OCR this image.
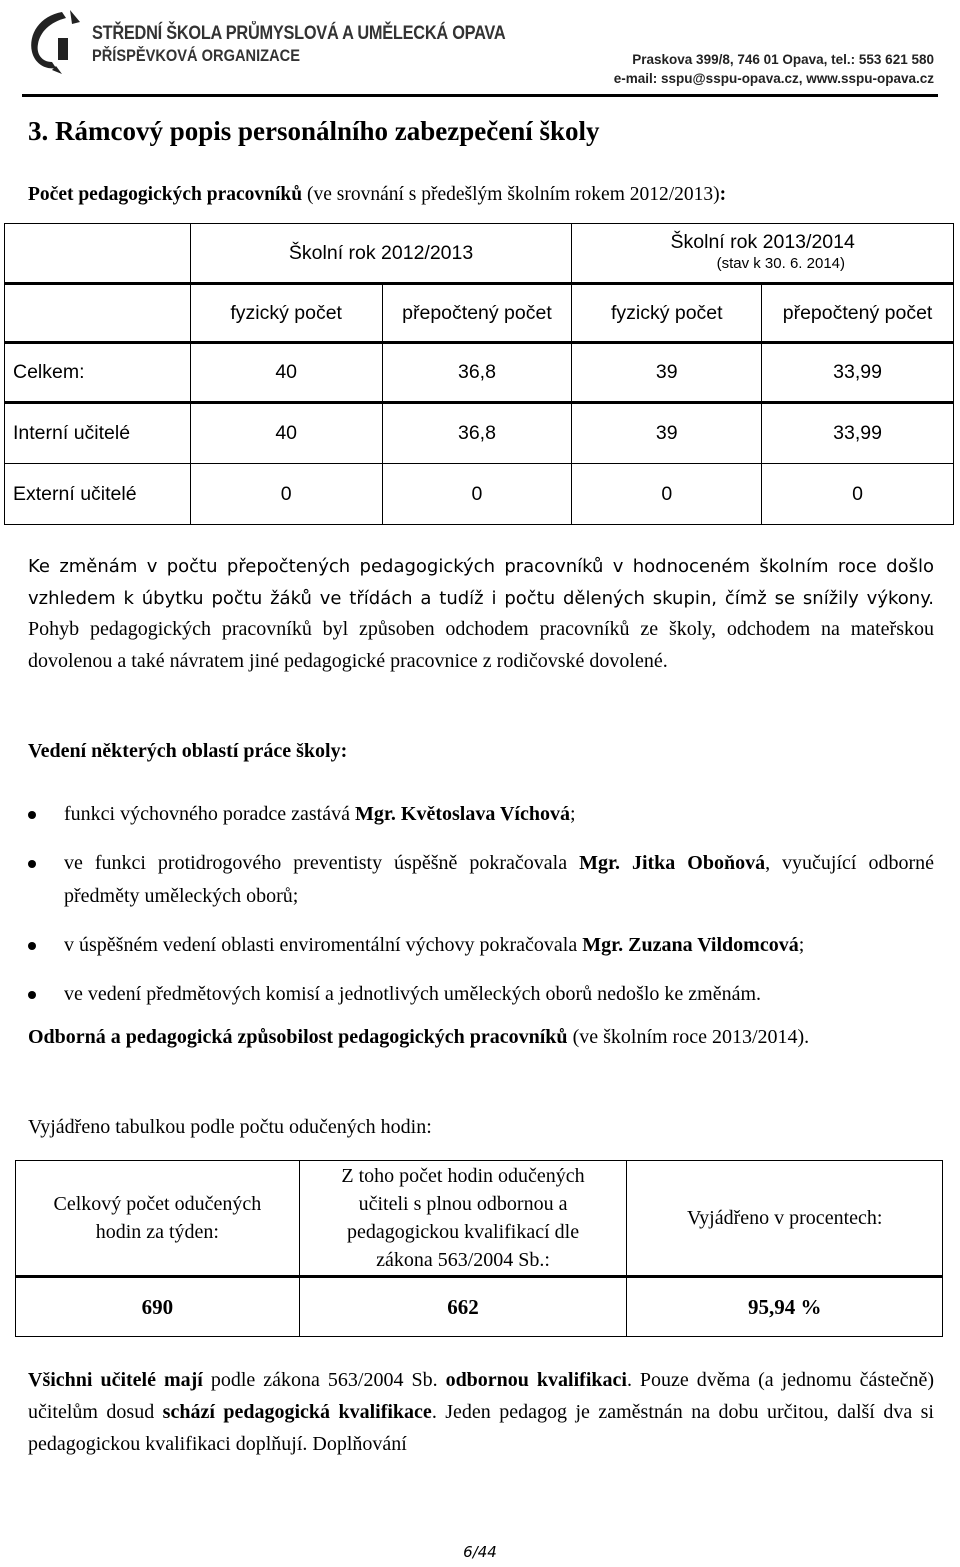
STŘEDNÍ ŠKOLA PRŮMYSLOVÁ A UMĚLECKÁ OPAVA
PŘÍSPĚVKOVÁ ORGANIZACE	Praskova 399/8, 746 01 Opava, tel.: 553 621 580
e-mail: sspu@sspu-opava.cz, www.sspu-opava.cz
3. Rámcový popis personálního zabezpečení školy
Počet pedagogických pracovníků (ve srovnání s předešlým školním rokem 2012/2013):
	Školní rok 2012/2013		Školní rok 2013/2014
(stav k 30. 6. 2014)	

	fyzický počet	přepočtený počet	fyzický počet	přepočtený počet
Celkem:	40	36,8	39	33,99
Interní učitelé	40	36,8	39	33,99
Externí učitelé	0	0	0	0
Ke změnám v počtu přepočtených pedagogických pracovníků v hodnoceném školním roce došlo vzhledem k úbytku počtu žáků ve třídách a tudíž i počtu dělených skupin, čímž se snížily výkony. Pohyb pedagogických pracovníků byl způsoben odchodem pracovníků ze školy, odchodem na mateřskou dovolenou a také návratem jiné pedagogické pracovnice z rodičovské dovolené.
Vedení některých oblastí práce školy:
funkci výchovného poradce zastává Mgr. Květoslava Víchová;
ve funkci protidrogového preventisty úspěšně pokračovala Mgr. Jitka Oboňová, vyučující odborné předměty uměleckých oborů;
v úspěšném vedení oblasti enviromentální výchovy pokračovala Mgr. Zuzana Vildomcová;
ve vedení předmětových komisí a jednotlivých uměleckých oborů nedošlo ke změnám.
Odborná a pedagogická způsobilost pedagogických pracovníků (ve školním roce 2013/2014).
Vyjádřeno tabulkou podle počtu odučených hodin:
Celkový počet odučených hodin za týden:	Z toho počet hodin odučených učiteli s plnou odbornou a pedagogickou kvalifikací dle zákona 563/2004 Sb.:	Vyjádřeno v procentech:
690	662	95,94 %
Všichni učitelé mají podle zákona 563/2004 Sb. odbornou kvalifikaci. Pouze dvěma (a jednomu částečně) učitelům dosud schází pedagogická kvalifikace. Jeden pedagog je zaměstnán na dobu určitou, další dva si pedagogickou kvalifikaci doplňují. Doplňování
6/44
